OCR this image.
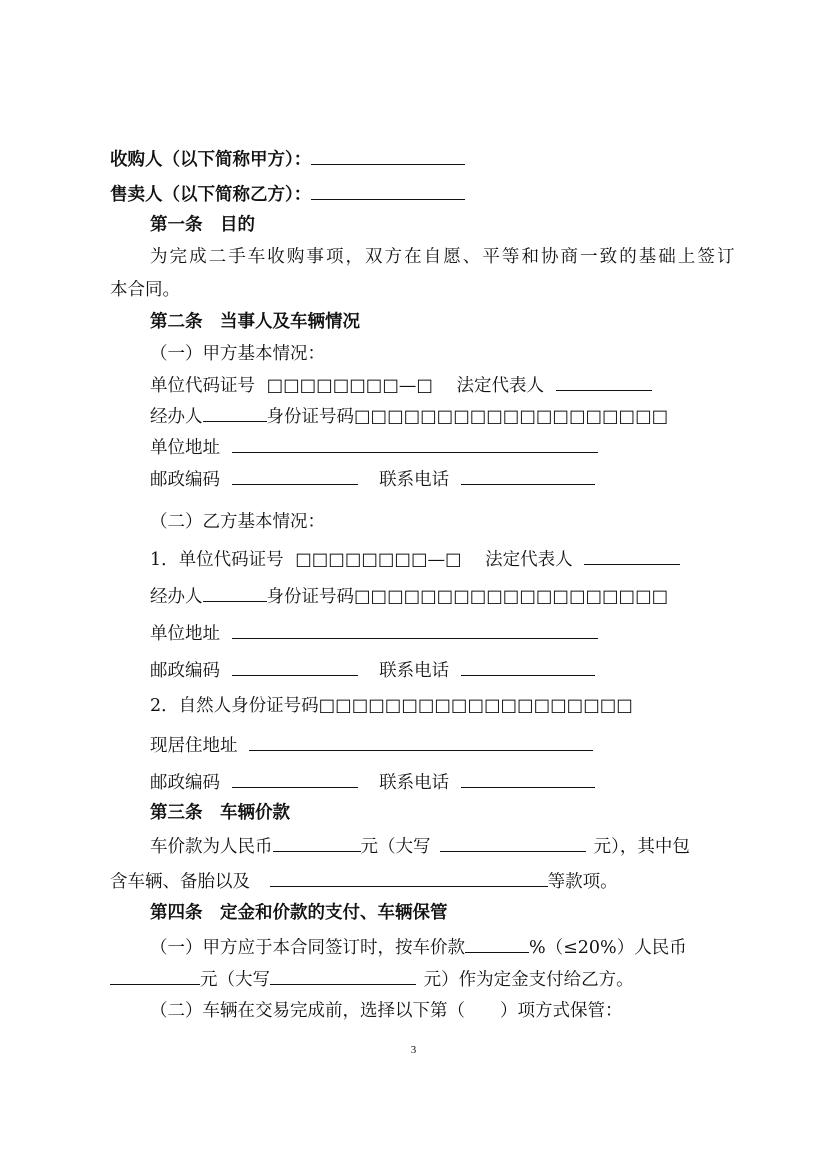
收购人（以下简称甲方）：
售卖人（以下简称乙方）：
第一条　目的
为完成二手车收购事项，双方在自愿、平等和协商一致的基础上签订
本合同。
第二条　当事人及车辆情况
（一）甲方基本情况：
单位代码证号 □□□□□□□□—□ 法定代表人
经办人	身份证号码□□□□□□□□□□□□□□□□□□□
单位地址
邮政编码	联系电话
（二）乙方基本情况：
1．单位代码证号 □□□□□□□□—□ 法定代表人
经办人	身份证号码□□□□□□□□□□□□□□□□□□□
单位地址
邮政编码	联系电话
2．自然人身份证号码□□□□□□□□□□□□□□□□□□□
现居住地址
邮政编码	联系电话
第三条　车辆价款
车价款为人民币	元（大写	元），其中包
含车辆、备胎以及	等款项。
第四条　定金和价款的支付、车辆保管
（一）甲方应于本合同签订时，按车价款	%（≤20%）人民币
元（大写	元）作为定金支付给乙方。
（二）车辆在交易完成前，选择以下第（　　）项方式保管：
3
